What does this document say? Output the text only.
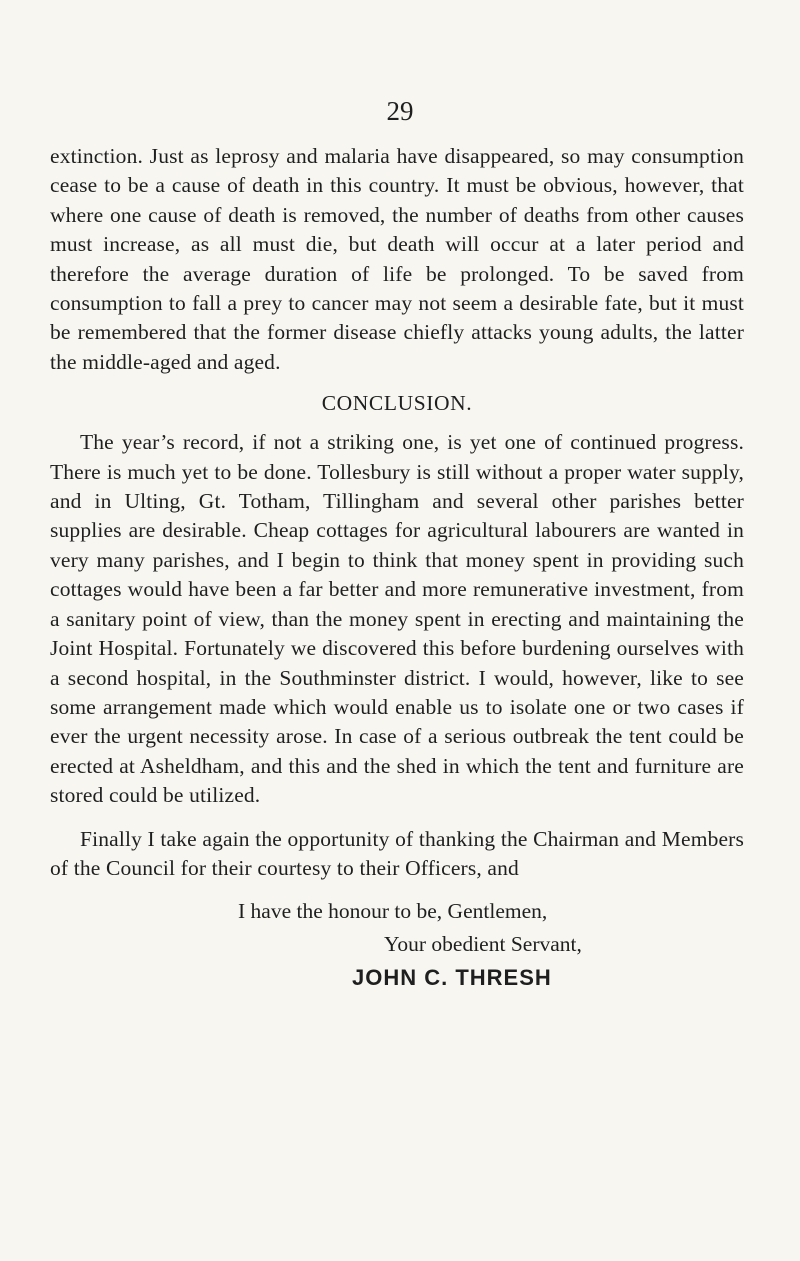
29

extinction. Just as leprosy and malaria have disappeared, so may consumption cease to be a cause of death in this country. It must be obvious, however, that where one cause of death is removed, the number of deaths from other causes must increase, as all must die, but death will occur at a later period and therefore the average duration of life be prolonged. To be saved from consumption to fall a prey to cancer may not seem a desirable fate, but it must be remembered that the former disease chiefly attacks young adults, the latter the middle-aged and aged.

CONCLUSION.

The year’s record, if not a striking one, is yet one of continued progress. There is much yet to be done. Tollesbury is still without a proper water supply, and in Ulting, Gt. Totham, Tillingham and several other parishes better supplies are desirable. Cheap cottages for agricultural labourers are wanted in very many parishes, and I begin to think that money spent in providing such cottages would have been a far better and more remunerative investment, from a sanitary point of view, than the money spent in erecting and maintaining the Joint Hospital. Fortunately we discovered this before burdening ourselves with a second hospital, in the Southminster district. I would, however, like to see some arrangement made which would enable us to isolate one or two cases if ever the urgent necessity arose. In case of a serious outbreak the tent could be erected at Asheldham, and this and the shed in which the tent and furniture are stored could be utilized.

Finally I take again the opportunity of thanking the Chairman and Members of the Council for their courtesy to their Officers, and

I have the honour to be, Gentlemen,
Your obedient Servant,
JOHN C. THRESH
